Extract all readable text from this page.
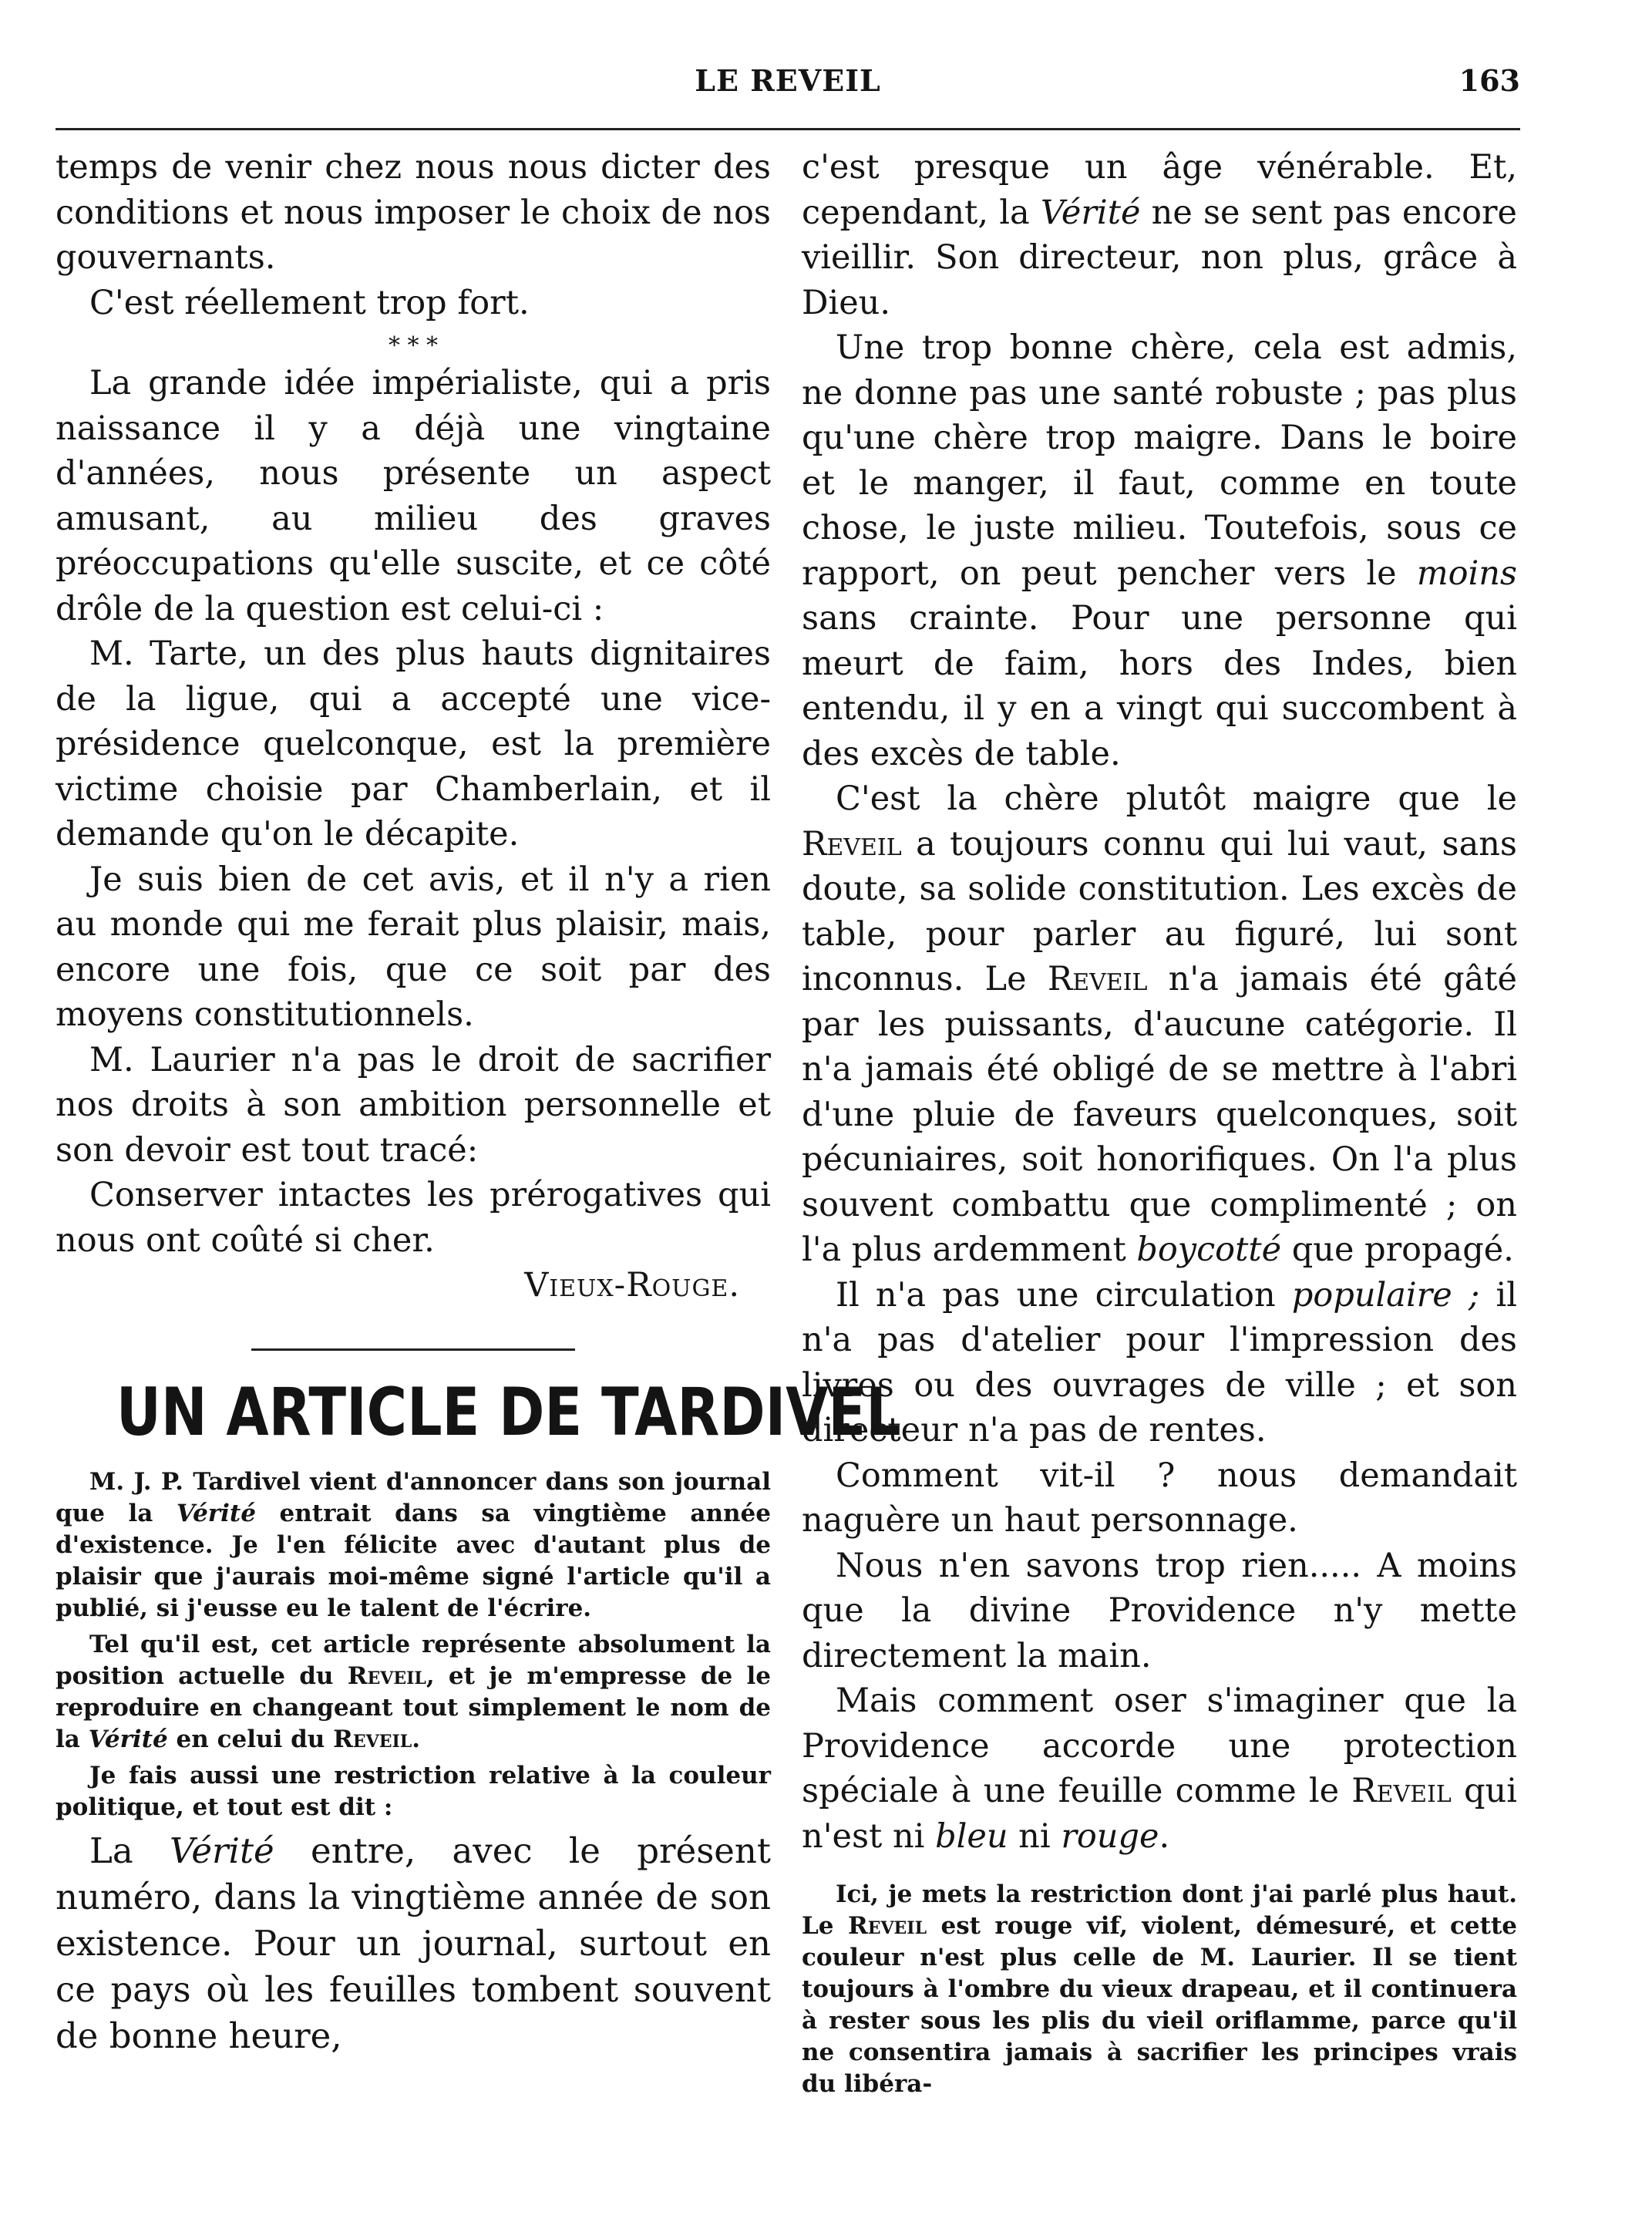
LE REVEIL	163

temps de venir chez nous nous dicter des conditions et nous imposer le choix de nos gouvernants.

C'est réellement trop fort.

* * *

La grande idée impérialiste, qui a pris naissance il y a déjà une vingtaine d'années, nous présente un aspect amusant, au milieu des graves préoccupations qu'elle suscite, et ce côté drôle de la question est celui-ci :

M. Tarte, un des plus hauts dignitaires de la ligue, qui a accepté une vice-présidence quelconque, est la première victime choisie par Chamberlain, et il demande qu'on le décapite.

Je suis bien de cet avis, et il n'y a rien au monde qui me ferait plus plaisir, mais, encore une fois, que ce soit par des moyens constitutionnels.

M. Laurier n'a pas le droit de sacrifier nos droits à son ambition personnelle et son devoir est tout tracé:

Conserver intactes les prérogatives qui nous ont coûté si cher.

Vieux-Rouge.

UN ARTICLE DE TARDIVEL

M. J. P. Tardivel vient d'annoncer dans son journal que la Vérité entrait dans sa vingtième année d'existence. Je l'en félicite avec d'autant plus de plaisir que j'aurais moi-même signé l'article qu'il a publié, si j'eusse eu le talent de l'écrire.

Tel qu'il est, cet article représente absolument la position actuelle du Reveil, et je m'empresse de le reproduire en changeant tout simplement le nom de la Vérité en celui du Reveil.

Je fais aussi une restriction relative à la couleur politique, et tout est dit :

La Vérité entre, avec le présent numéro, dans la vingtième année de son existence. Pour un journal, surtout en ce pays où les feuilles tombent souvent de bonne heure,

c'est presque un âge vénérable. Et, cependant, la Vérité ne se sent pas encore vieillir. Son directeur, non plus, grâce à Dieu.

Une trop bonne chère, cela est admis, ne donne pas une santé robuste ; pas plus qu'une chère trop maigre. Dans le boire et le manger, il faut, comme en toute chose, le juste milieu. Toutefois, sous ce rapport, on peut pencher vers le moins sans crainte. Pour une personne qui meurt de faim, hors des Indes, bien entendu, il y en a vingt qui succombent à des excès de table.

C'est la chère plutôt maigre que le Reveil a toujours connu qui lui vaut, sans doute, sa solide constitution. Les excès de table, pour parler au figuré, lui sont inconnus. Le Reveil n'a jamais été gâté par les puissants, d'aucune catégorie. Il n'a jamais été obligé de se mettre à l'abri d'une pluie de faveurs quelconques, soit pécuniaires, soit honorifiques. On l'a plus souvent combattu que complimenté ; on l'a plus ardemment boycotté que propagé.

Il n'a pas une circulation populaire ; il n'a pas d'atelier pour l'impression des livres ou des ouvrages de ville ; et son directeur n'a pas de rentes.

Comment vit-il ? nous demandait naguère un haut personnage.

Nous n'en savons trop rien..... A moins que la divine Providence n'y mette directement la main.

Mais comment oser s'imaginer que la Providence accorde une protection spéciale à une feuille comme le Reveil qui n'est ni bleu ni rouge.

Ici, je mets la restriction dont j'ai parlé plus haut. Le Reveil est rouge vif, violent, démesuré, et cette couleur n'est plus celle de M. Laurier. Il se tient toujours à l'ombre du vieux drapeau, et il continuera à rester sous les plis du vieil oriflamme, parce qu'il ne consentira jamais à sacrifier les principes vrais du libéra-
